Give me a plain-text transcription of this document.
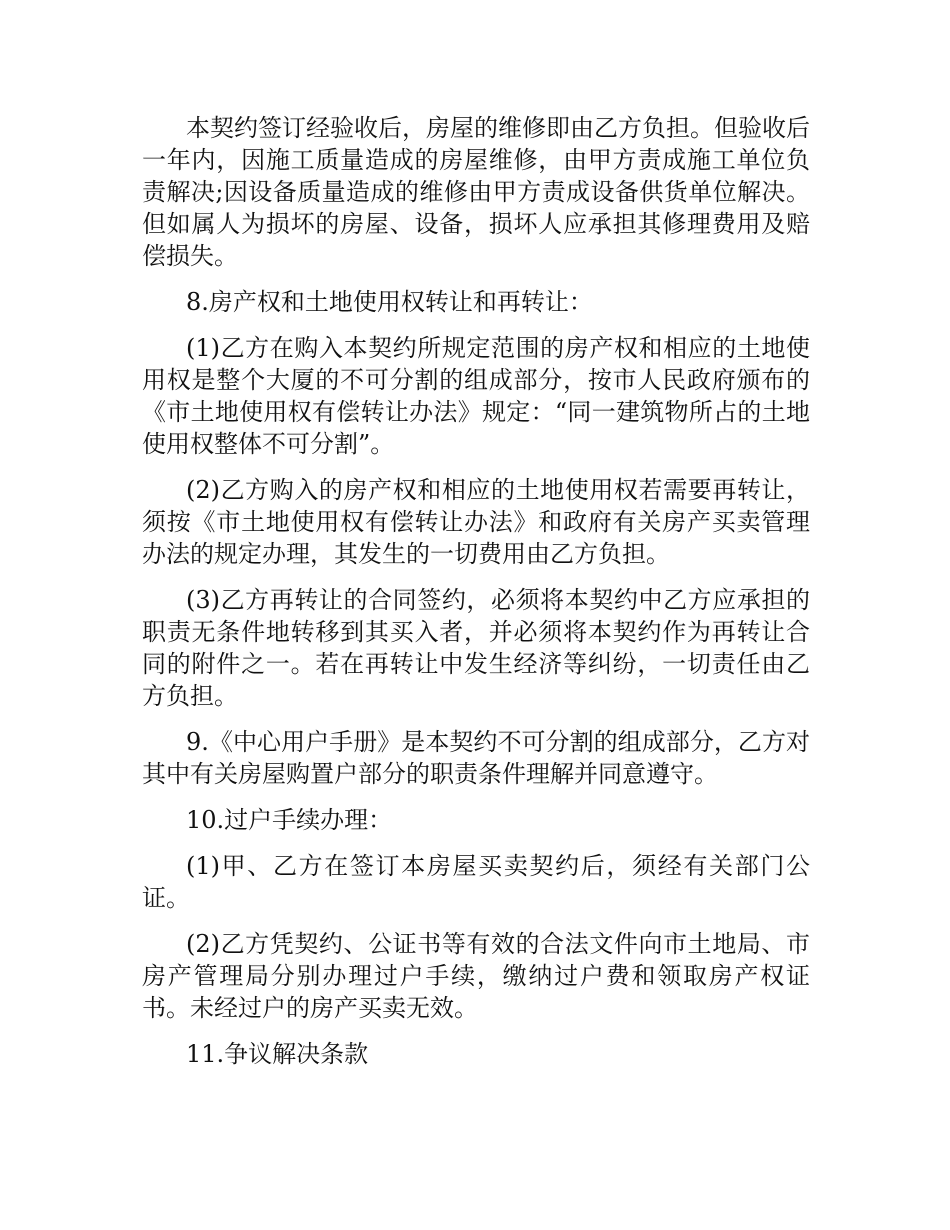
本契约签订经验收后，房屋的维修即由乙方负担。但验收后一年内，因施工质量造成的房屋维修，由甲方责成施工单位负责解决;因设备质量造成的维修由甲方责成设备供货单位解决。但如属人为损坏的房屋、设备，损坏人应承担其修理费用及赔偿损失。

8.房产权和土地使用权转让和再转让：

(1)乙方在购入本契约所规定范围的房产权和相应的土地使用权是整个大厦的不可分割的组成部分，按市人民政府颁布的《市土地使用权有偿转让办法》规定：“同一建筑物所占的土地使用权整体不可分割”。

(2)乙方购入的房产权和相应的土地使用权若需要再转让，须按《市土地使用权有偿转让办法》和政府有关房产买卖管理办法的规定办理，其发生的一切费用由乙方负担。

(3)乙方再转让的合同签约，必须将本契约中乙方应承担的职责无条件地转移到其买入者，并必须将本契约作为再转让合同的附件之一。若在再转让中发生经济等纠纷，一切责任由乙方负担。

9.《中心用户手册》是本契约不可分割的组成部分，乙方对其中有关房屋购置户部分的职责条件理解并同意遵守。

10.过户手续办理：

(1)甲、乙方在签订本房屋买卖契约后，须经有关部门公证。

(2)乙方凭契约、公证书等有效的合法文件向市土地局、市房产管理局分别办理过户手续，缴纳过户费和领取房产权证书。未经过户的房产买卖无效。

11.争议解决条款
